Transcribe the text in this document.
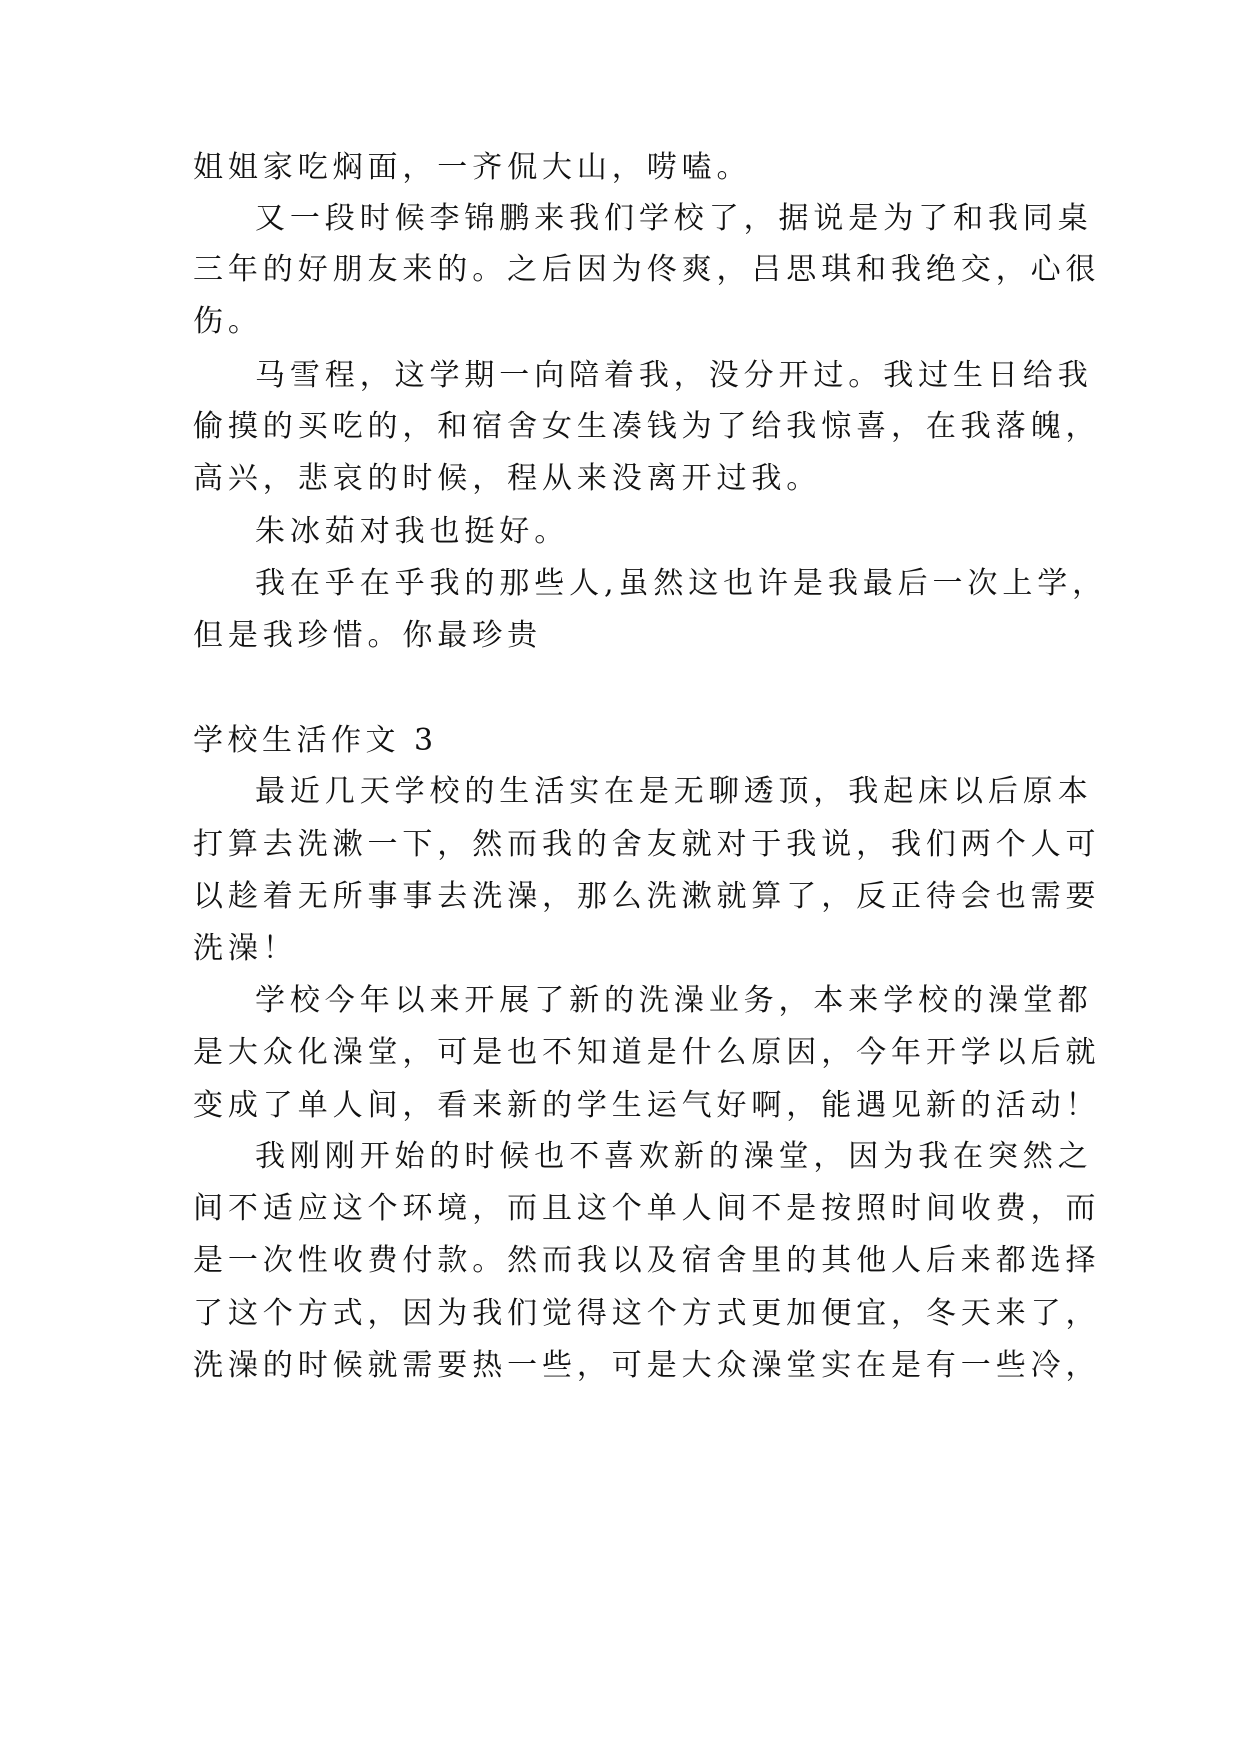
姐姐家吃焖面，一齐侃大山，唠嗑。
又一段时候李锦鹏来我们学校了，据说是为了和我同桌
三年的好朋友来的。之后因为佟爽，吕思琪和我绝交，心很
伤。
马雪程，这学期一向陪着我，没分开过。我过生日给我
偷摸的买吃的，和宿舍女生凑钱为了给我惊喜，在我落魄，
高兴，悲哀的时候，程从来没离开过我。
朱冰茹对我也挺好。
我在乎在乎我的那些人,虽然这也许是我最后一次上学，
但是我珍惜。你最珍贵
学校生活作文 3
最近几天学校的生活实在是无聊透顶，我起床以后原本
打算去洗漱一下，然而我的舍友就对于我说，我们两个人可
以趁着无所事事去洗澡，那么洗漱就算了，反正待会也需要
洗澡！
学校今年以来开展了新的洗澡业务，本来学校的澡堂都
是大众化澡堂，可是也不知道是什么原因，今年开学以后就
变成了单人间，看来新的学生运气好啊，能遇见新的活动！
我刚刚开始的时候也不喜欢新的澡堂，因为我在突然之
间不适应这个环境，而且这个单人间不是按照时间收费，而
是一次性收费付款。然而我以及宿舍里的其他人后来都选择
了这个方式，因为我们觉得这个方式更加便宜，冬天来了，
洗澡的时候就需要热一些，可是大众澡堂实在是有一些冷，
